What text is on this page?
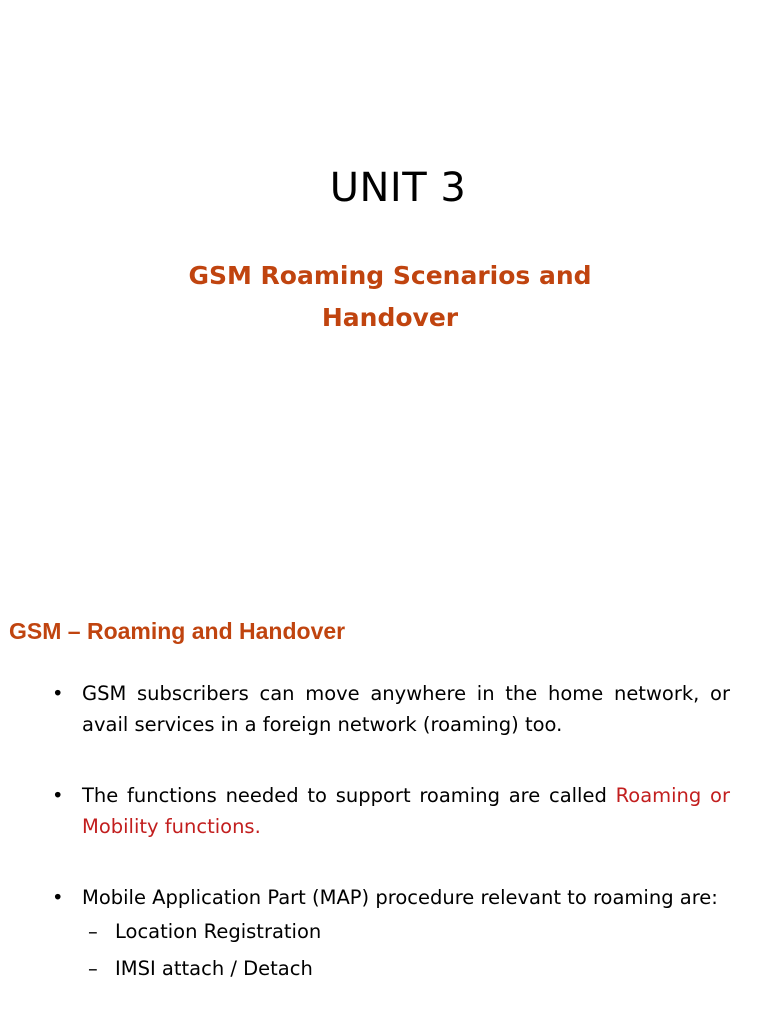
UNIT 3
GSM Roaming Scenarios and
Handover
GSM – Roaming and Handover
• GSM subscribers can move anywhere in the home network, or avail services in a foreign network (roaming) too.
• The functions needed to support roaming are called Roaming or Mobility functions.
• Mobile Application Part (MAP) procedure relevant to roaming are:
– Location Registration
– IMSI attach / Detach
